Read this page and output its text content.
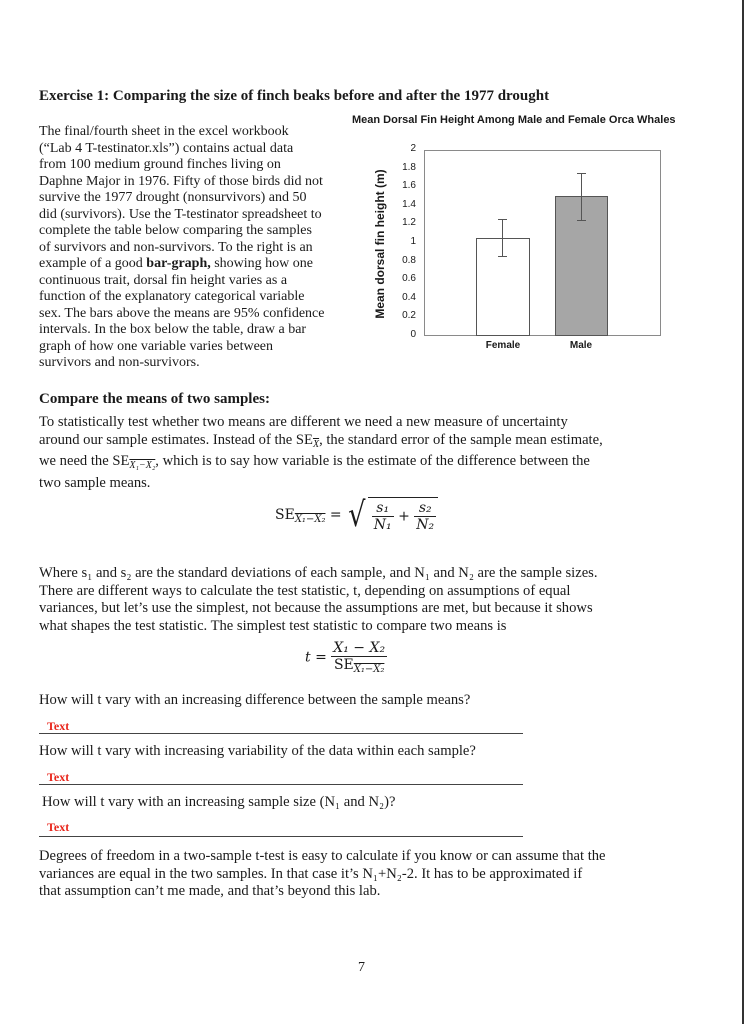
Exercise 1: Comparing the size of finch beaks before and after the 1977 drought
The final/fourth sheet in the excel workbook
(“Lab 4 T-testinator.xls”) contains actual data
from 100 medium ground finches living on
Daphne Major in 1976. Fifty of those birds did not
survive the 1977 drought (nonsurvivors) and 50
did (survivors). Use the T-testinator spreadsheet to
complete the table below comparing the samples
of survivors and non-survivors. To the right is an
example of a good bar-graph, showing how one
continuous trait, dorsal fin height varies as a
function of the explanatory categorical variable
sex. The bars above the means are 95% confidence
intervals. In the box below the table, draw a bar
graph of how one variable varies between
survivors and non-survivors.
Mean Dorsal Fin Height Among Male and Female Orca Whales
Mean dorsal fin height (m)
0
0.2
0.4
0.6
0.8
1
1.2
1.4
1.6
1.8
2
Female	Male
Compare the means of two samples:
To statistically test whether two means are different we need a new measure of uncertainty
around our sample estimates. Instead of the $SE_{\overline{X}}$, the standard error of the sample mean estimate,
we need the $SE_{X_1-X_2}$, which is to say how variable is the estimate of the difference between the
two sample means.
$SE_{X_1-X_2}$ = √ $\frac{\text{s₁}}{\text{N₁}} + \frac{\text{s₂}}{\text{N₂}}$
Where s₁ and s₂ are the standard deviations of each sample, and N₁ and N₂ are the sample sizes.
There are different ways to calculate the test statistic, t, depending on assumptions of equal
variances, but let’s use the simplest, not because the assumptions are met, but because it shows
what shapes the test statistic. The simplest test statistic to compare two means is
$t = \frac{\text{X₁ − X₂}}{SE_{X_1-X_2}}$
How will t vary with an increasing difference between the sample means?
Text
How will t vary with increasing variability of the data within each sample?
Text
How will t vary with an increasing sample size (N₁ and N₂)?
Text
Degrees of freedom in a two-sample t-test is easy to calculate if you know or can assume that the
variances are equal in the two samples. In that case it’s N₁+N₂-2. It has to be approximated if
that assumption can’t me made, and that’s beyond this lab.
7
